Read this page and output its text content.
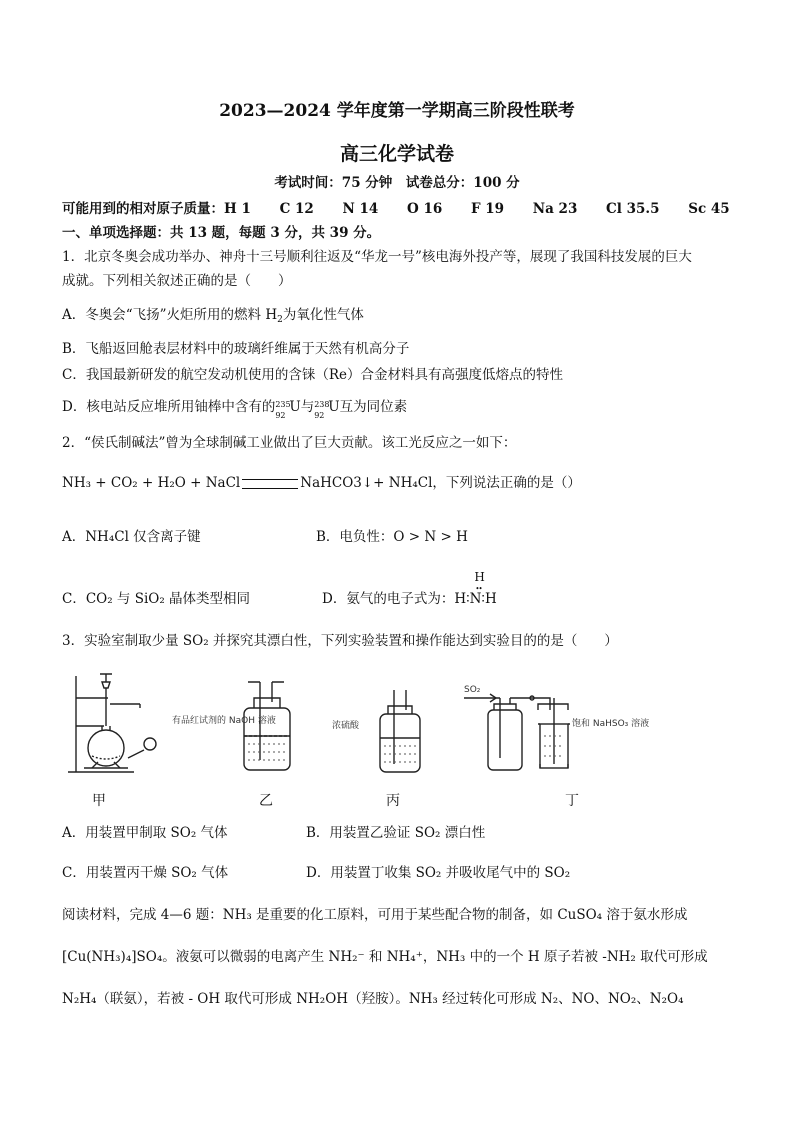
2023—2024 学年度第一学期高三阶段性联考
高三化学试卷
考试时间：75 分钟　试卷总分：100 分
可能用到的相对原子质量：H 1 C 12 N 14 O 16 F 19 Na 23 Cl 35.5 Sc 45
一、单项选择题：共 13 题，每题 3 分，共 39 分。
1．北京冬奥会成功举办、神舟十三号顺利往返及“华龙一号”核电海外投产等，展现了我国科技发展的巨大
成就。下列相关叙述正确的是（　　）
A．冬奥会“飞扬”火炬所用的燃料 $H_2$为氧化性气体
B．飞船返回舱表层材料中的玻璃纤维属于天然有机高分子
C．我国最新研发的航空发动机使用的含铼（Re）合金材料具有高强度低熔点的特性
D．核电站反应堆所用铀棒中含有的 235
92
U与 238
92
U互为同位素
2．“侯氏制碱法”曾为全球制碱工业做出了巨大贡献。该工光反应之一如下：
NH₃ + CO₂ + H₂O + NaCl	NaHCO3↓+ NH₄Cl，下列说法正确的是（）
A．NH₄Cl 仅含离子键	B．电负性：O > N > H
C．CO₂ 与 SiO₂ 晶体类型相同	D．氨气的电子式为：
H
••
H∶N∶H
3．实验室制取少量 SO₂ 并探究其漂白性，下列实验装置和操作能达到实验目的的是（　　）
有品红试剂的 NaOH 溶液	浓硫酸
SO₂
饱和 NaHSO₃ 溶液
甲	乙	丙	丁
A．用装置甲制取 SO₂ 气体	B．用装置乙验证 SO₂ 漂白性
C．用装置丙干燥 SO₂ 气体	D．用装置丁收集 SO₂ 并吸收尾气中的 SO₂
阅读材料，完成 4—6 题：NH₃ 是重要的化工原料，可用于某些配合物的制备，如 CuSO₄ 溶于氨水形成
[Cu(NH₃)₄]SO₄。液氨可以微弱的电离产生 NH₂⁻ 和 NH₄⁺，NH₃ 中的一个 H 原子若被 -NH₂ 取代可形成
N₂H₄（联氨），若被 - OH 取代可形成 NH₂OH（羟胺）。NH₃ 经过转化可形成 N₂、NO、NO₂、N₂O₄
